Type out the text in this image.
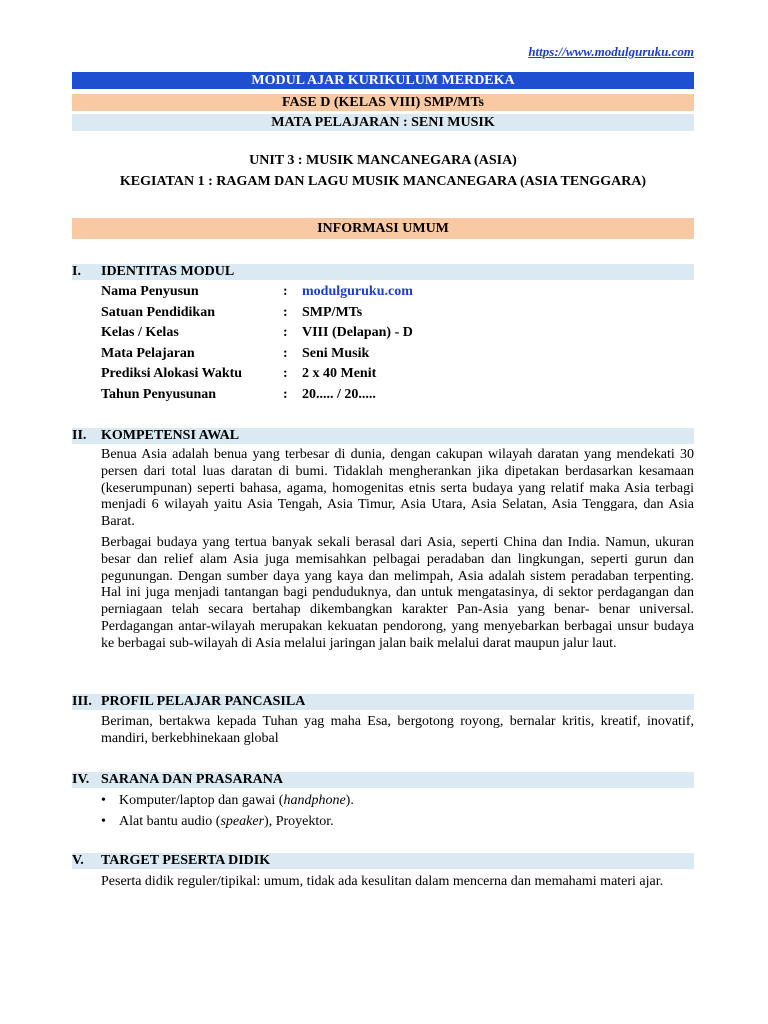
https://www.modulguruku.com
MODUL AJAR KURIKULUM MERDEKA
FASE D (KELAS VIII) SMP/MTs
MATA PELAJARAN : SENI MUSIK
UNIT 3 : MUSIK MANCANEGARA (ASIA)
KEGIATAN 1 : RAGAM DAN LAGU MUSIK MANCANEGARA (ASIA TENGGARA)
INFORMASI UMUM
I. IDENTITAS MODUL
Nama Penyusun	: modulguruku.com
Satuan Pendidikan	: SMP/MTs
Kelas / Kelas	: VIII (Delapan) - D
Mata Pelajaran	: Seni Musik
Prediksi Alokasi Waktu	: 2 x 40 Menit
Tahun Penyusunan	: 20..... / 20.....
II. KOMPETENSI AWAL

Benua Asia adalah benua yang terbesar di dunia, dengan cakupan wilayah daratan yang mendekati 30 persen dari total luas daratan di bumi. Tidaklah mengherankan jika dipetakan berdasarkan kesamaan (keserumpunan) seperti bahasa, agama, homogenitas etnis serta budaya yang relatif maka Asia terbagi menjadi 6 wilayah yaitu Asia Tengah, Asia Timur, Asia Utara, Asia Selatan, Asia Tenggara, dan Asia Barat.

Berbagai budaya yang tertua banyak sekali berasal dari Asia, seperti China dan India. Namun, ukuran besar dan relief alam Asia juga memisahkan pelbagai peradaban dan lingkungan, seperti gurun dan pegunungan. Dengan sumber daya yang kaya dan melimpah, Asia adalah sistem peradaban terpenting. Hal ini juga menjadi tantangan bagi penduduknya, dan untuk mengatasinya, di sektor perdagangan dan perniagaan telah secara bertahap dikembangkan karakter Pan-Asia yang benar- benar universal. Perdagangan antar-wilayah merupakan kekuatan pendorong, yang menyebarkan berbagai unsur budaya ke berbagai sub-wilayah di Asia melalui jaringan jalan baik melalui darat maupun jalur laut.

III. PROFIL PELAJAR PANCASILA

Beriman, bertakwa kepada Tuhan yag maha Esa, bergotong royong, bernalar kritis, kreatif, inovatif, mandiri, berkebhinekaan global

IV. SARANA DAN PRASARANA
• Komputer/laptop dan gawai (handphone).
• Alat bantu audio (speaker), Proyektor.
V. TARGET PESERTA DIDIK

Peserta didik reguler/tipikal: umum, tidak ada kesulitan dalam mencerna dan memahami materi ajar.
